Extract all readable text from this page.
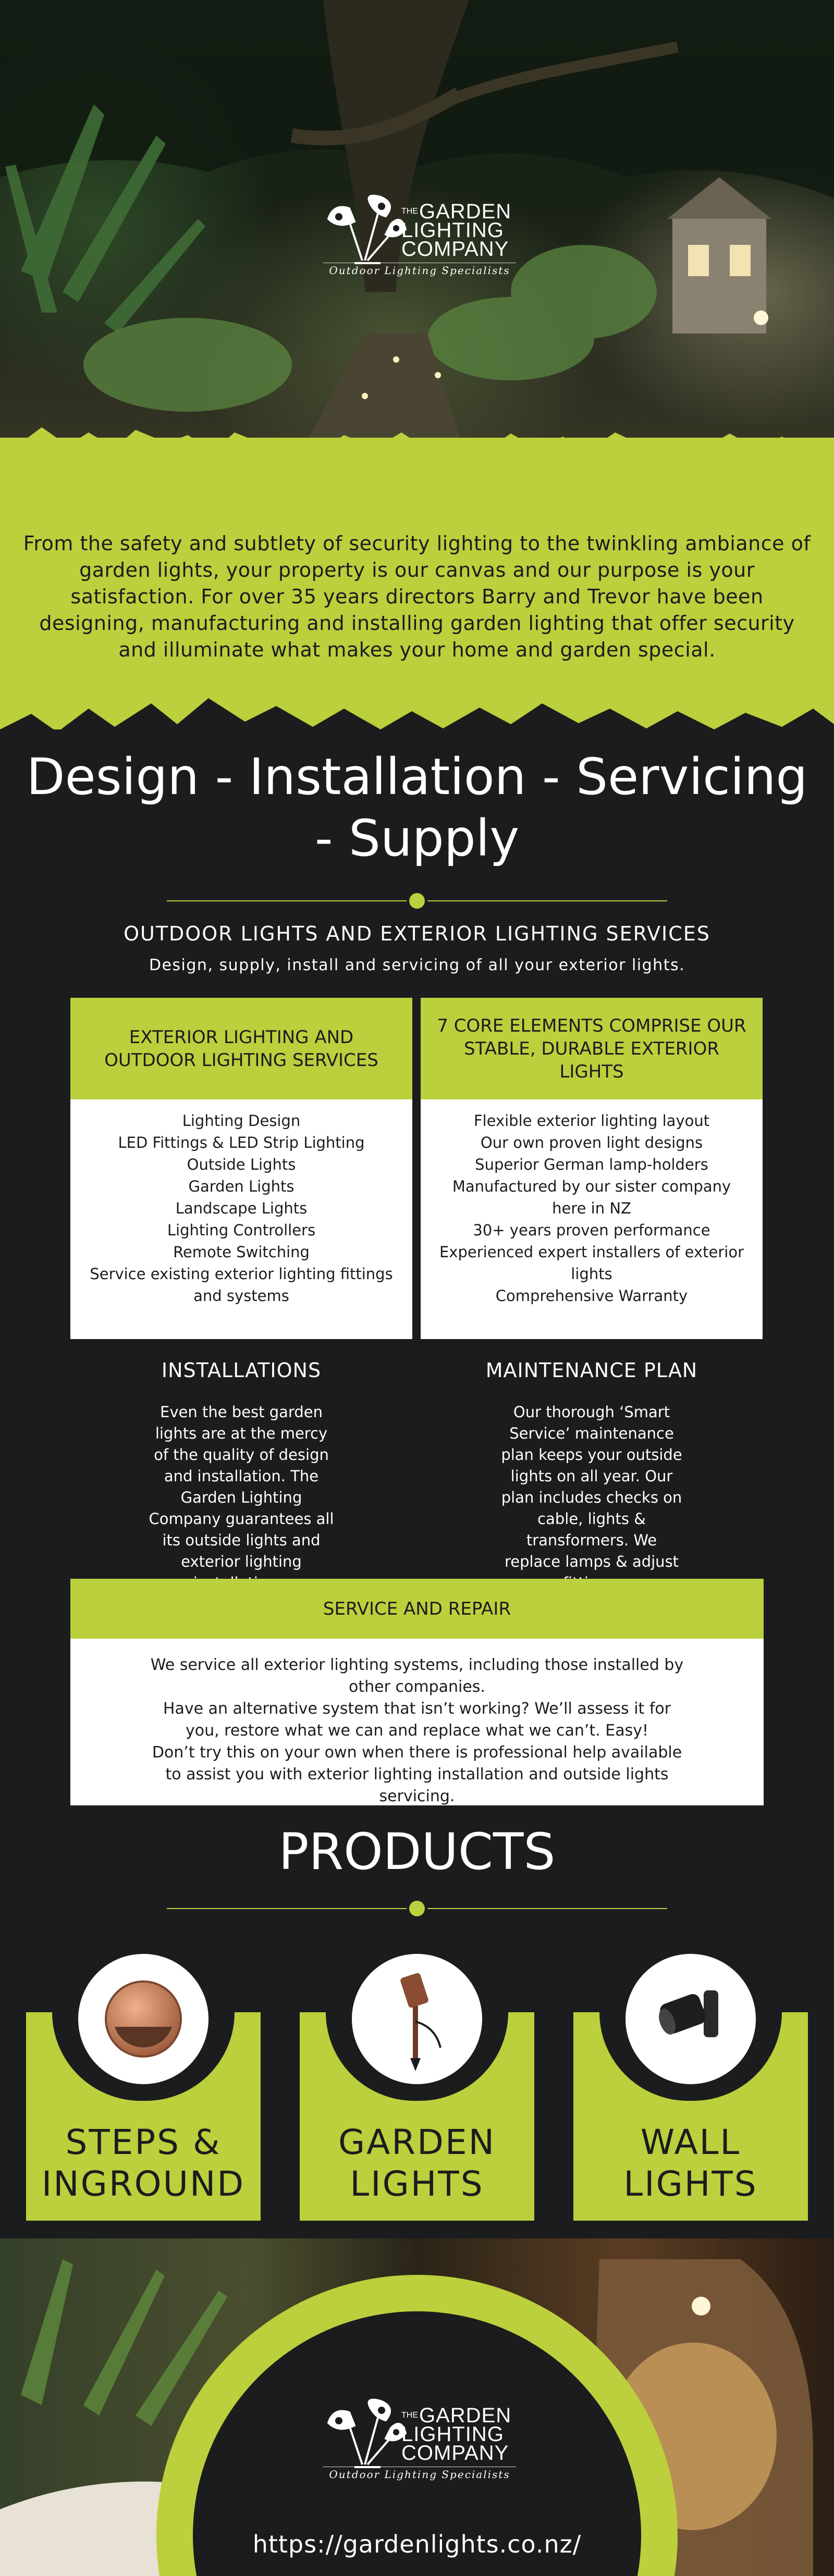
$^{THE}$GARDEN
LIGHTING
COMPANY
Outdoor Lighting Specialists

From the safety and subtlety of security lighting to the twinkling ambiance of garden lights, your property is our canvas and our purpose is your satisfaction. For over 35 years directors Barry and Trevor have been designing, manufacturing and installing garden lighting that offer security and illuminate what makes your home and garden special.

Design - Installation - Servicing - Supply
OUTDOOR LIGHTS AND EXTERIOR LIGHTING SERVICES
Design, supply, install and servicing of all your exterior lights.
EXTERIOR LIGHTING AND OUTDOOR LIGHTING SERVICES
Lighting Design
LED Fittings & LED Strip Lighting
Outside Lights
Garden Lights
Landscape Lights
Lighting Controllers
Remote Switching
Service existing exterior lighting fittings and systems
7 CORE ELEMENTS COMPRISE OUR STABLE, DURABLE EXTERIOR LIGHTS
Flexible exterior lighting layout
Our own proven light designs
Superior German lamp-holders
Manufactured by our sister company here in NZ
30+ years proven performance
Experienced expert installers of exterior lights
Comprehensive Warranty
INSTALLATIONS

Even the best garden lights are at the mercy of the quality of design and installation. The Garden Lighting Company guarantees all its outside lights and exterior lighting

MAINTENANCE PLAN

Our thorough ‘Smart Service’ maintenance plan keeps your outside lights on all year. Our plan includes checks on cable, lights & transformers. We replace lamps & adjust

SERVICE AND REPAIR
We service all exterior lighting systems, including those installed by other companies.
Have an alternative system that isn’t working? We’ll assess it for you, restore what we can and replace what we can’t. Easy!
Don’t try this on your own when there is professional help available to assist you with exterior lighting installation and outside lights servicing.
PRODUCTS
STEPS &
INGROUND
GARDEN
LIGHTS
WALL
LIGHTS
$^{THE}$GARDEN
LIGHTING
COMPANY
Outdoor Lighting Specialists
https://gardenlights.co.nz/
